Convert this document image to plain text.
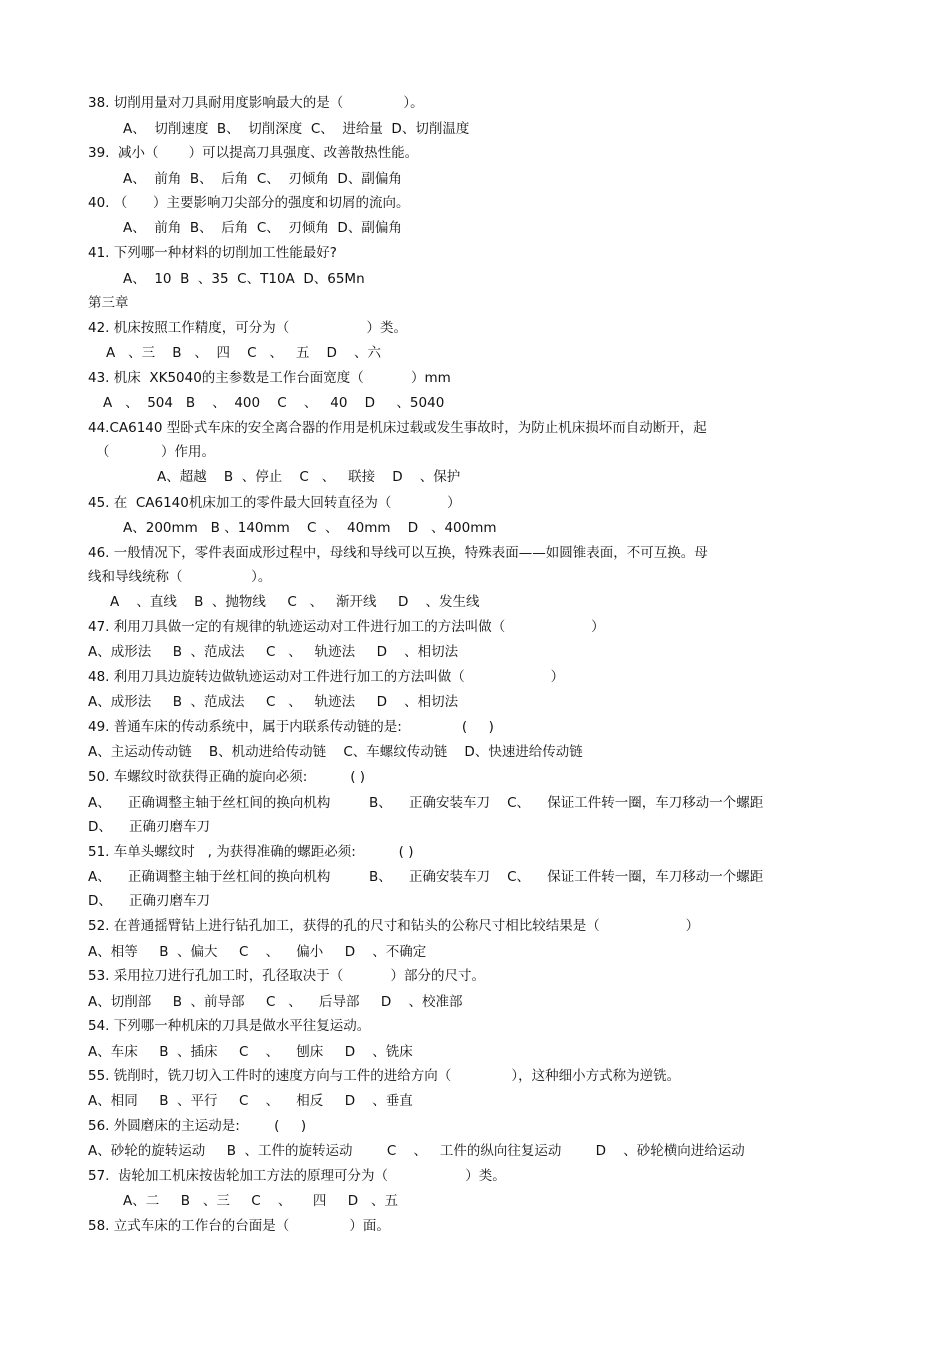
38. 切削用量对刀具耐用度影响最大的是（              ）。
A、  切削速度  B、  切削深度  C、  进给量  D、切削温度
39.  减小（       ）可以提高刀具强度、改善散热性能。
A、  前角  B、  后角  C、  刃倾角  D、副偏角
40. （      ）主要影响刀尖部分的强度和切屑的流向。
A、  前角  B、  后角  C、  刃倾角  D、副偏角
41. 下列哪一种材料的切削加工性能最好?
A、  10  B  、35  C、T10A  D、65Mn
第三章
42. 机床按照工作精度，可分为（                  ）类。
A   、三    B   、  四    C   、   五    D    、六
43. 机床  XK5040的主参数是工作台面宽度（           ）mm
A   、  504   B    、  400    C    、   40    D     、5040
44.CA6140 型卧式车床的安全离合器的作用是机床过载或发生事故时，为防止机床损坏而自动断开，起
（            ）作用。
A、超越    B  、停止    C   、   联接    D    、保护
45. 在  CA6140机床加工的零件最大回转直径为（             ）
A、200mm   B 、140mm    C  、  40mm    D   、400mm
46. 一般情况下，零件表面成形过程中，母线和导线可以互换，特殊表面——如圆锥表面，不可互换。母
线和导线统称（                ）。
A    、直线    B  、抛物线     C   、   渐开线     D    、发生线
47. 利用刀具做一定的有规律的轨迹运动对工件进行加工的方法叫做（                    ）
A、成形法     B  、范成法     C   、   轨迹法     D    、相切法
48. 利用刀具边旋转边做轨迹运动对工件进行加工的方法叫做（                    ）
A、成形法     B  、范成法     C   、   轨迹法     D    、相切法
49. 普通车床的传动系统中，属于内联系传动链的是:              (     )
A、主运动传动链    B、机动进给传动链    C、车螺纹传动链    D、快速进给传动链
50. 车螺纹时欲获得正确的旋向必须:          ( )
A、    正确调整主轴于丝杠间的换向机构         B、    正确安装车刀    C、    保证工件转一圈，车刀移动一个螺距
D、    正确刃磨车刀
51. 车单头螺纹时   , 为获得准确的螺距必须:          ( )
A、    正确调整主轴于丝杠间的换向机构         B、    正确安装车刀    C、    保证工件转一圈，车刀移动一个螺距
D、    正确刃磨车刀
52. 在普通摇臂钻上进行钻孔加工，获得的孔的尺寸和钻头的公称尺寸相比较结果是（                    ）
A、相等     B  、偏大     C    、    偏小     D    、不确定
53. 采用拉刀进行孔加工时，孔径取决于（           ）部分的尺寸。
A、切削部     B  、前导部     C   、    后导部     D    、校准部
54. 下列哪一种机床的刀具是做水平往复运动。
A、车床     B  、插床     C    、    刨床     D    、铣床
55. 铣削时，铣刀切入工件时的速度方向与工件的进给方向（              ），这种细小方式称为逆铣。
A、相同     B  、平行     C    、    相反     D    、垂直
56. 外圆磨床的主运动是:        (     )
A、砂轮的旋转运动     B  、工件的旋转运动        C    、   工件的纵向往复运动        D    、砂轮横向进给运动
57.  齿轮加工机床按齿轮加工方法的原理可分为（                  ）类。
A、二     B   、三     C    、     四     D   、五
58. 立式车床的工作台的台面是（              ）面。
